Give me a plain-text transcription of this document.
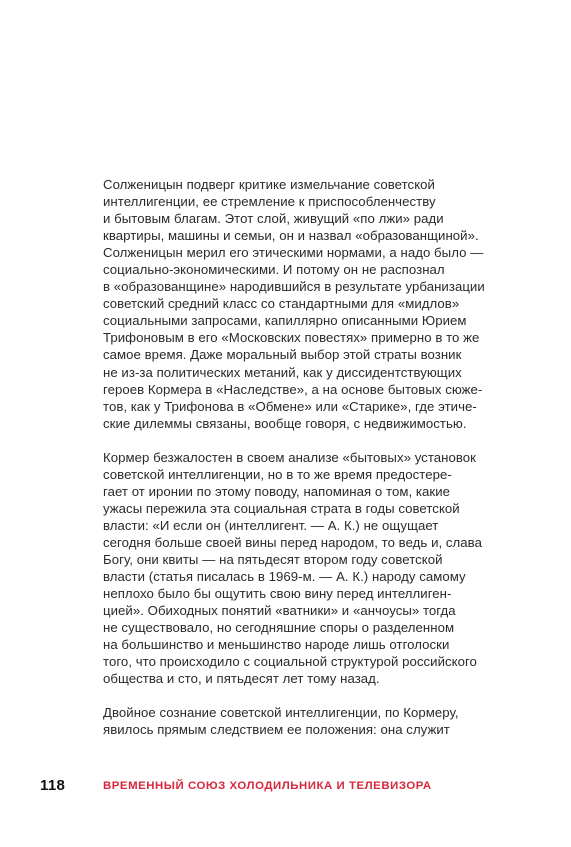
Солженицын подверг критике измельчание советской
интеллигенции, ее стремление к приспособленчеству
и бытовым благам. Этот слой, живущий «по лжи» ради
квартиры, машины и семьи, он и назвал «образованщиной».
Солженицын мерил его этическими нормами, а надо было —
социально-экономическими. И потому он не распознал
в «образованщине» народившийся в результате урбанизации
советский средний класс со стандартными для «мидлов»
социальными запросами, капиллярно описанными Юрием
Трифоновым в его «Московских повестях» примерно в то же
самое время. Даже моральный выбор этой страты возник
не из-за политических метаний, как у диссидентствующих
героев Кормера в «Наследстве», а на основе бытовых сюже-
тов, как у Трифонова в «Обмене» или «Старике», где этиче-
ские дилеммы связаны, вообще говоря, с недвижимостью.

Кормер безжалостен в своем анализе «бытовых» установок
советской интеллигенции, но в то же время предостере-
гает от иронии по этому поводу, напоминая о том, какие
ужасы пережила эта социальная страта в годы советской
власти: «И если он (интеллигент. — А. К.) не ощущает
сегодня больше своей вины перед народом, то ведь и, слава
Богу, они квиты — на пятьдесят втором году советской
власти (статья писалась в 1969-м. — А. К.) народу самому
неплохо было бы ощутить свою вину перед интеллиген-
цией». Обиходных понятий «ватники» и «анчоусы» тогда
не существовало, но сегодняшние споры о разделенном
на большинство и меньшинство народе лишь отголоски
того, что происходило с социальной структурой российского
общества и сто, и пятьдесят лет тому назад.

Двойное сознание советской интеллигенции, по Кормеру,
явилось прямым следствием ее положения: она служит

118	ВРЕМЕННЫЙ СОЮЗ ХОЛОДИЛЬНИКА И ТЕЛЕВИЗОРА
